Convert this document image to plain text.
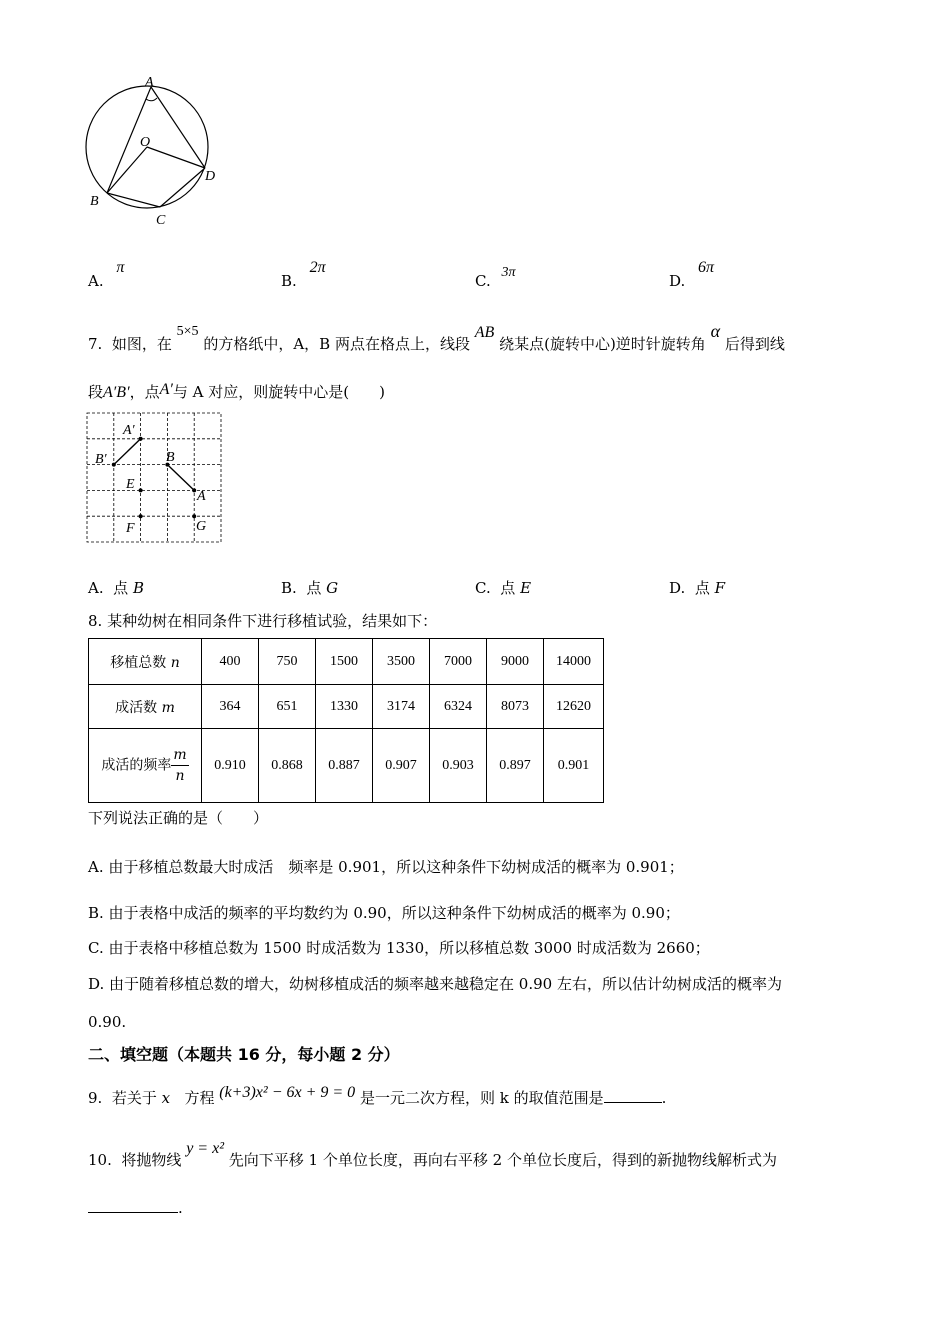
A
O
B
C
D
A. π
B. 2π
C. 3π	D. 6π
7. 如图，在 5×5 的方格纸中，A，B 两点在格点上，线段 AB 绕某点(旋转中心)逆时针旋转角 α 后得到线
段A′B′，点A′与 A 对应，则旋转中心是(　　)
A′
B′	B
A
E
F	G
A. 点 B	B. 点 G	C. 点 E	D. 点 F
8. 某种幼树在相同条件下进行移植试验，结果如下：
移植总数 n	400	750	1500	3500	7000	9000	14000
成活数 m	364	651	1330	3174	6324	8073	12620
成活的频率 $\frac{m}{n}$	0.910	0.868	0.887	0.907	0.903	0.897	0.901
下列说法正确的是（　　）
A. 由于移植总数最大时成活　频率是 0.901，所以这种条件下幼树成活的概率为 0.901；
B. 由于表格中成活的频率的平均数约为 0.90，所以这种条件下幼树成活的概率为 0.90；
C. 由于表格中移植总数为 1500 时成活数为 1330，所以移植总数 3000 时成活数为 2660；
D. 由于随着移植总数的增大，幼树移植成活的频率越来越稳定在 0.90 左右，所以估计幼树成活的概率为
0.90.
二、填空题（本题共 16 分，每小题 2 分）
9. 若关于 x 方程 (k+3)x² − 6x + 9 = 0 是一元二次方程，则 k 的取值范围是	.
10. 将抛物线 y = x² 先向下平移 1 个单位长度，再向右平移 2 个单位长度后，得到的新抛物线解析式为
.
